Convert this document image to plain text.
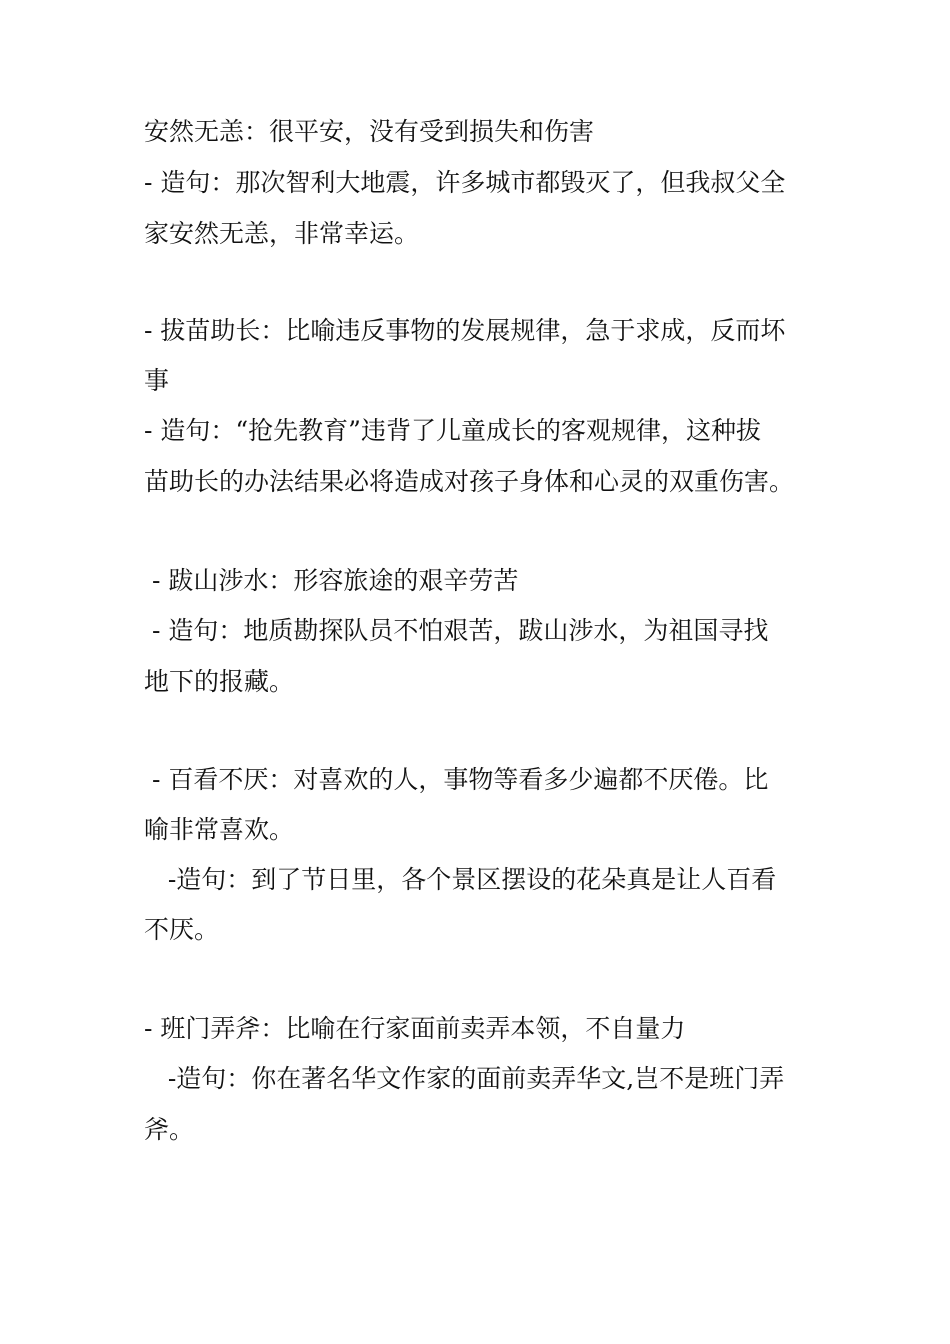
安然无恙：很平安，没有受到损失和伤害
- 造句：那次智利大地震，许多城市都毁灭了，但我叔父全
家安然无恙，非常幸运。
- 拔苗助长：比喻违反事物的发展规律，急于求成，反而坏
事
- 造句：“抢先教育”违背了儿童成长的客观规律，这种拔
苗助长的办法结果必将造成对孩子身体和心灵的双重伤害。
- 跋山涉水：形容旅途的艰辛劳苦
- 造句：地质勘探队员不怕艰苦，跋山涉水，为祖国寻找
地下的报藏。
- 百看不厌：对喜欢的人，事物等看多少遍都不厌倦。比
喻非常喜欢。
-造句：到了节日里，各个景区摆设的花朵真是让人百看
不厌。
- 班门弄斧：比喻在行家面前卖弄本领，不自量力
-造句：你在著名华文作家的面前卖弄华文,岂不是班门弄
斧。
